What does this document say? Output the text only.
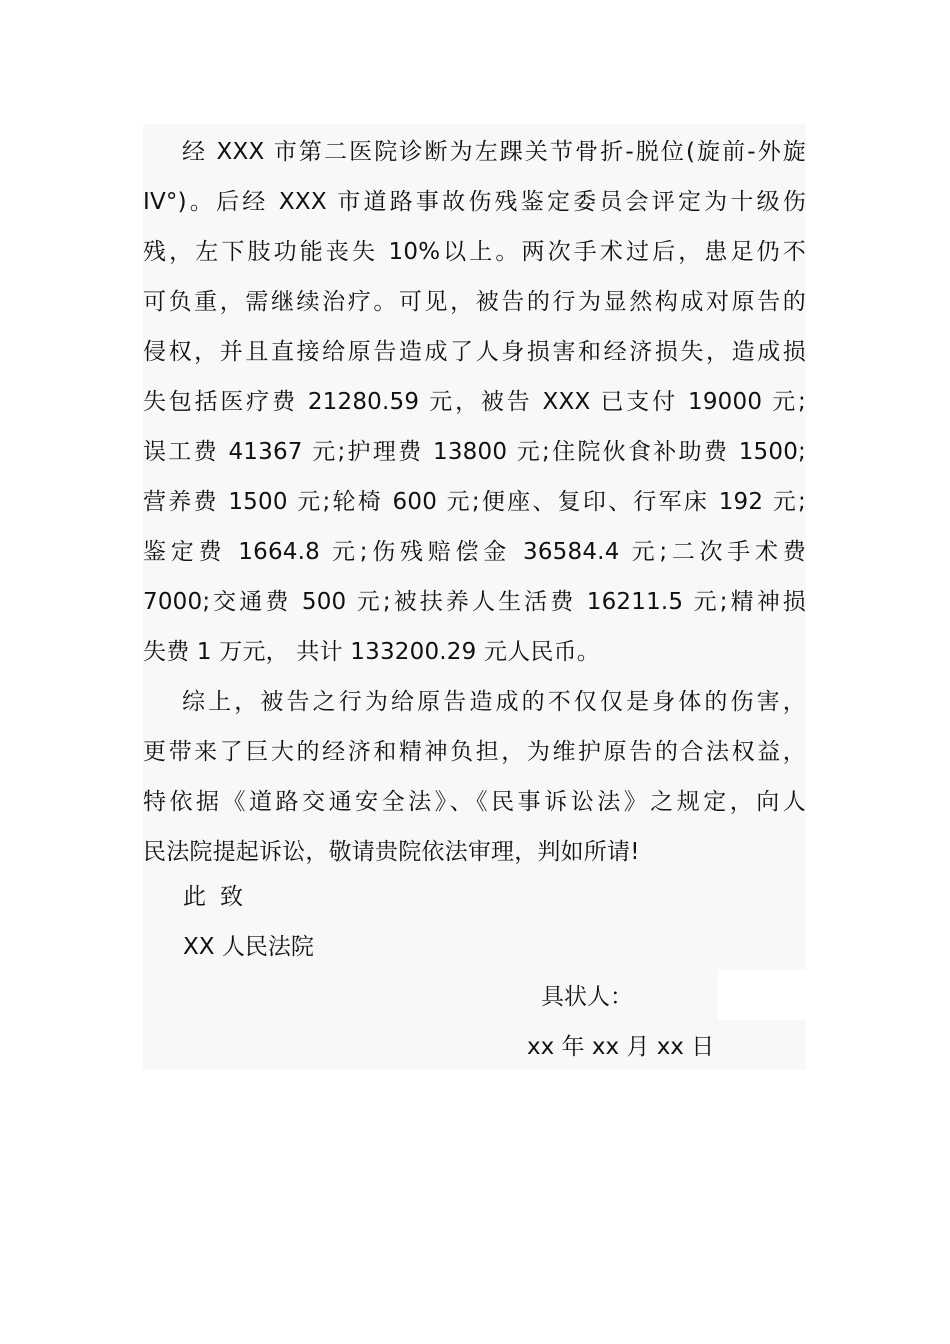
经 XXX 市第二医院诊断为左踝关节骨折-脱位(旋前-外旋
IV°)。后经 XXX 市道路事故伤残鉴定委员会评定为十级伤
残，左下肢功能丧失 10%以上。两次手术过后，患足仍不
可负重，需继续治疗。可见，被告的行为显然构成对原告的
侵权，并且直接给原告造成了人身损害和经济损失，造成损
失包括医疗费 21280.59 元，被告 XXX 已支付 19000 元;
误工费 41367 元;护理费 13800 元;住院伙食补助费 1500;
营养费 1500 元;轮椅 600 元;便座、复印、行军床 192 元;
鉴定费 1664.8 元;伤残赔偿金 36584.4 元;二次手术费
7000;交通费 500 元;被扶养人生活费 16211.5 元;精神损
失费 1 万元， 共计 133200.29 元人民币。
综上，被告之行为给原告造成的不仅仅是身体的伤害，
更带来了巨大的经济和精神负担，为维护原告的合法权益，
特依据《道路交通安全法》、《民事诉讼法》之规定，向人
民法院提起诉讼，敬请贵院依法审理，判如所请!
此致
XX 人民法院
具状人：
xx 年 xx 月 xx 日
